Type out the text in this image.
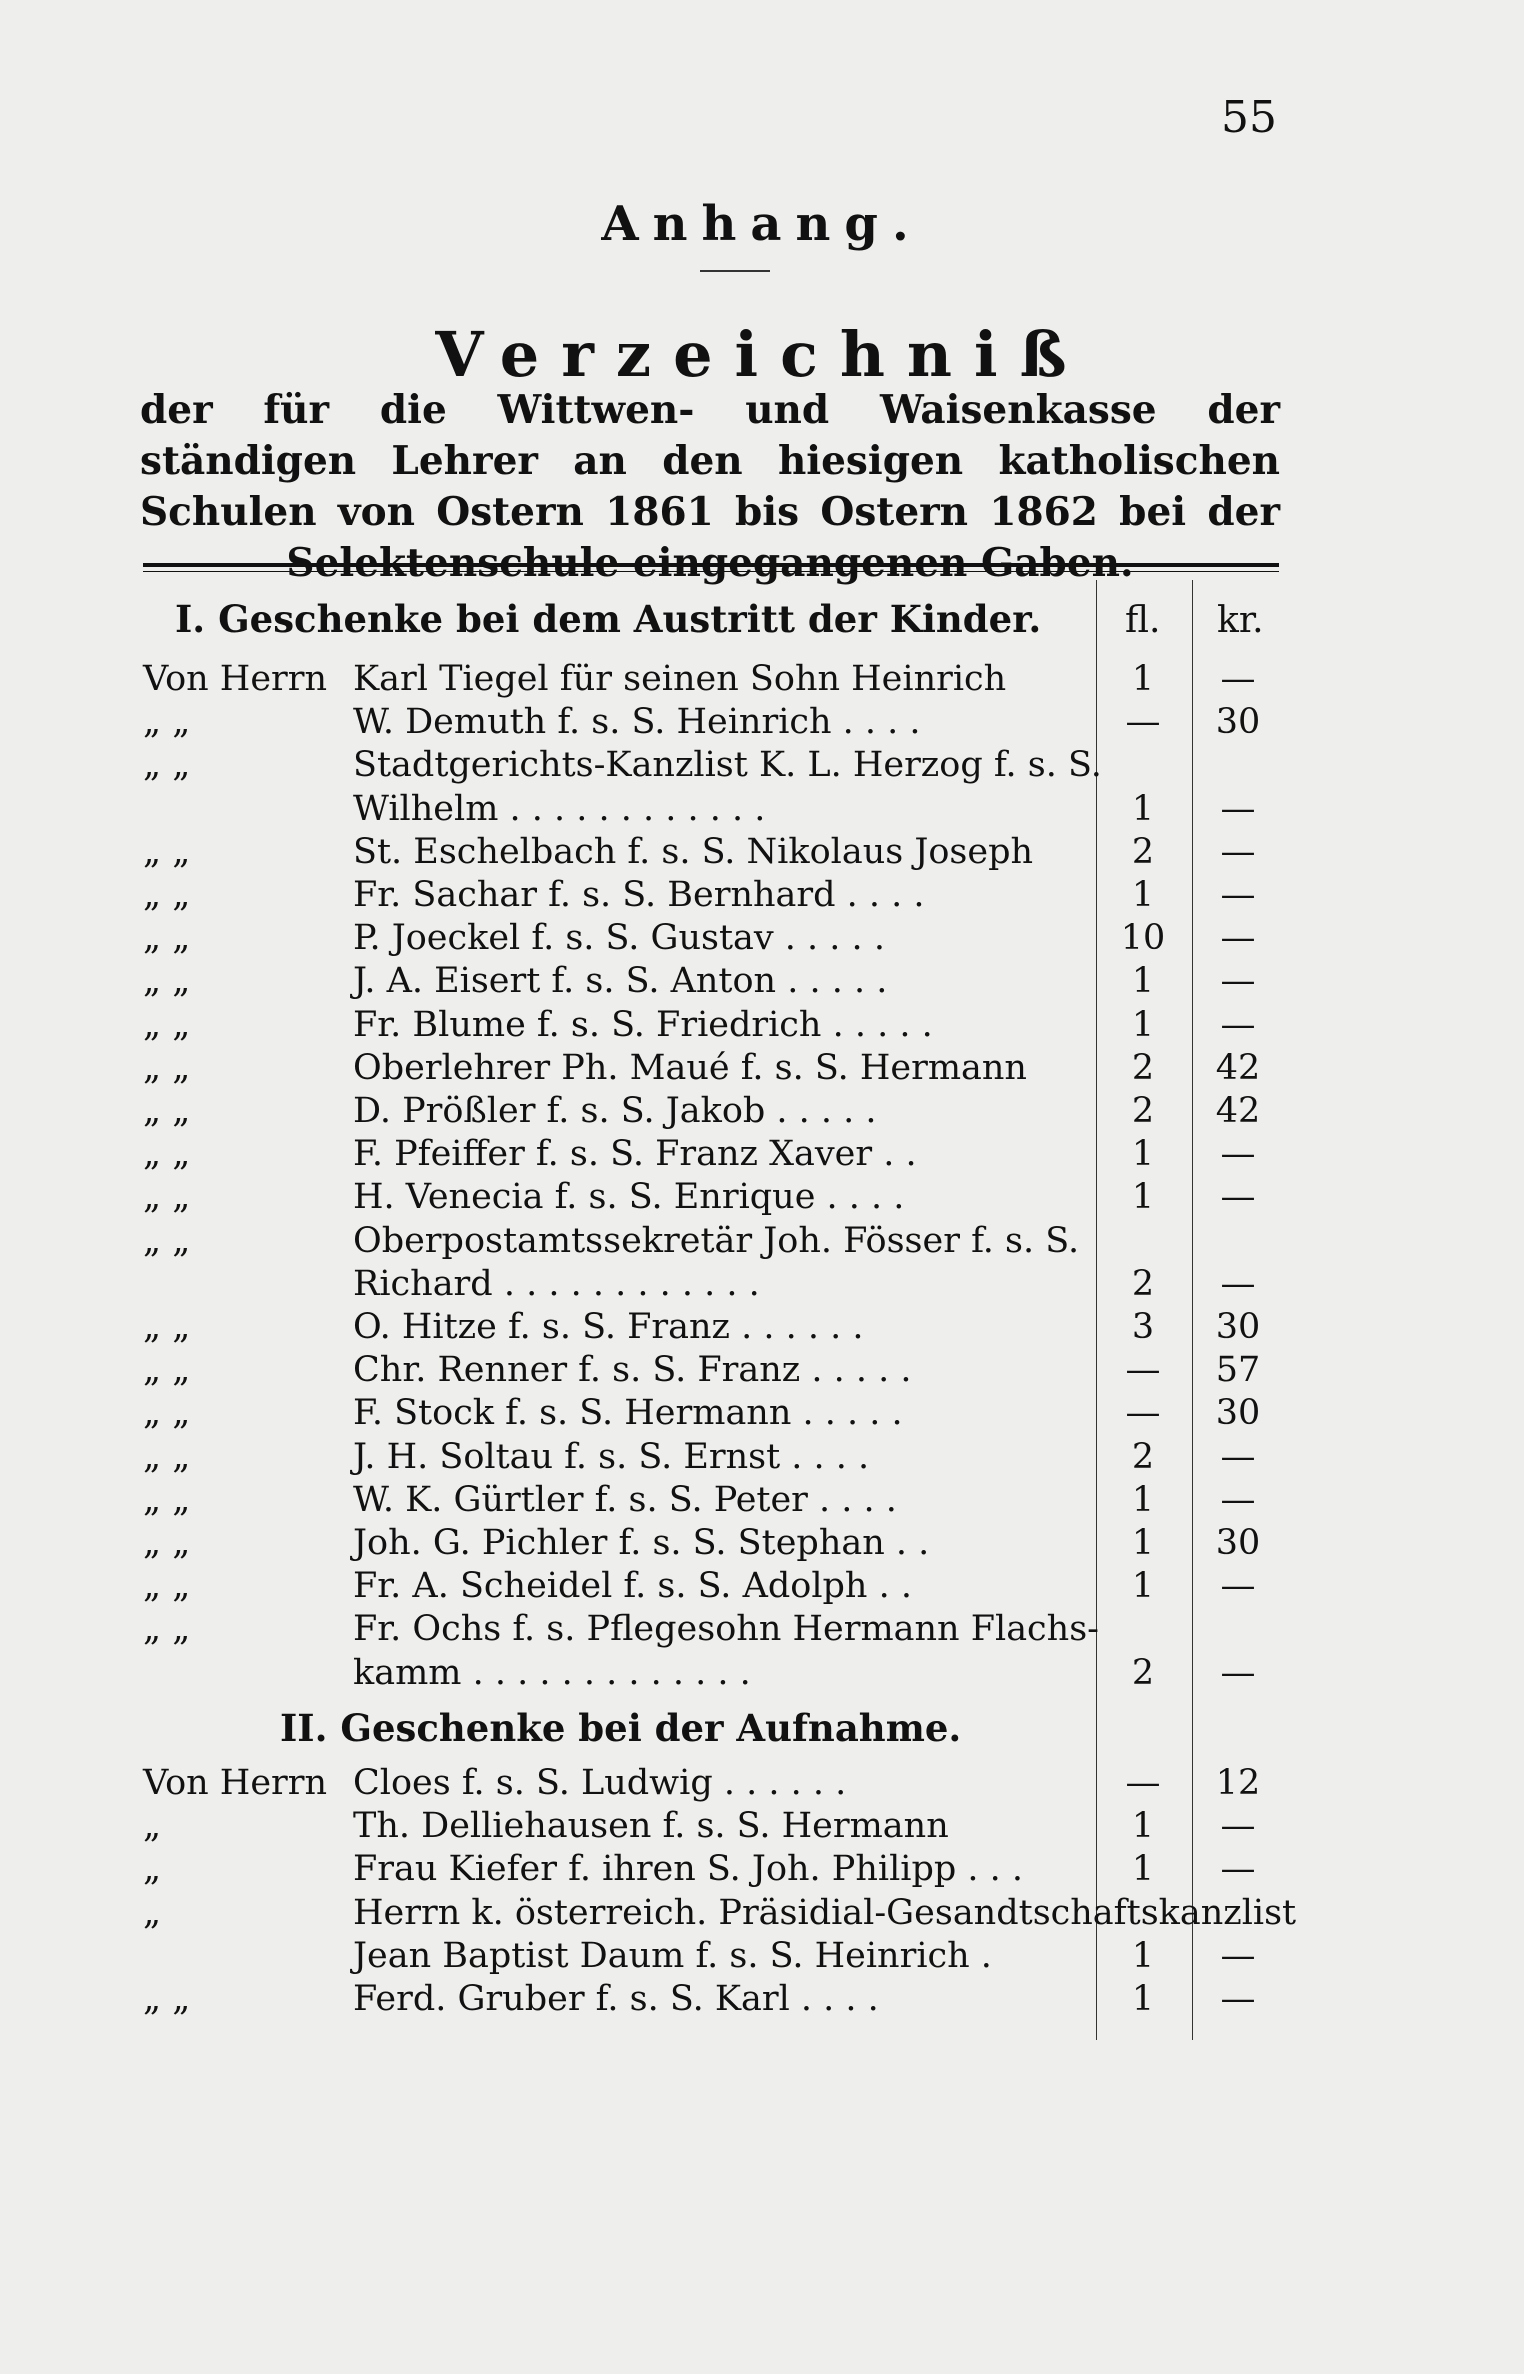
55
Anhang.
Verzeichniß
der für die Wittwen- und Waisenkasse der ständigen Lehrer an den hiesigen katholischen Schulen von Ostern 1861 bis Ostern 1862 bei der Selektenschule eingegangenen Gaben.
I. Geschenke bei dem Austritt der Kinder. fl. kr.
Von Herrn Karl Tiegel für seinen Sohn Heinrich	1	—
„ „	W. Demuth f. s. S. Heinrich . . . .	—	30
„ „	Stadtgerichts-Kanzlist K. L. Herzog f. s. S.
Wilhelm . . . . . . . . . . . .	1	—
„ „	St. Eschelbach f. s. S. Nikolaus Joseph	2	—
„ „	Fr. Sachar f. s. S. Bernhard . . . .	1	—
„ „	P. Joeckel f. s. S. Gustav . . . . .	10	—
„ „	J. A. Eisert f. s. S. Anton . . . . .	1	—
„ „	Fr. Blume f. s. S. Friedrich . . . . .	1	—
„ „	Oberlehrer Ph. Maué f. s. S. Hermann	2	42
„ „	D. Prößler f. s. S. Jakob . . . . .	2	42
„ „	F. Pfeiffer f. s. S. Franz Xaver . .	1	—
„ „	H. Venecia f. s. S. Enrique . . . .	1	—
„ „	Oberpostamtssekretär Joh. Fösser f. s. S.
Richard . . . . . . . . . . . .	2	—
„ „	O. Hitze f. s. S. Franz . . . . . .	3	30
„ „	Chr. Renner f. s. S. Franz . . . . .	—	57
„ „	F. Stock f. s. S. Hermann . . . . .	—	30
„ „	J. H. Soltau f. s. S. Ernst . . . .	2	—
„ „	W. K. Gürtler f. s. S. Peter . . . .	1	—
„ „	Joh. G. Pichler f. s. S. Stephan . .	1	30
„ „	Fr. A. Scheidel f. s. S. Adolph . .	1	—
„ „	Fr. Ochs f. s. Pflegesohn Hermann Flachs-
kamm . . . . . . . . . . . . .	2	—
II. Geschenke bei der Aufnahme.
Von Herrn Cloes f. s. S. Ludwig . . . . . .	—	12
„	Th. Delliehausen f. s. S. Hermann	1	—
„	Frau Kiefer f. ihren S. Joh. Philipp . . .	1	—
„	Herrn k. österreich. Präsidial-Gesandtschaftskanzlist
Jean Baptist Daum f. s. S. Heinrich .	1	—
„ „	Ferd. Gruber f. s. S. Karl . . . .	1	—
